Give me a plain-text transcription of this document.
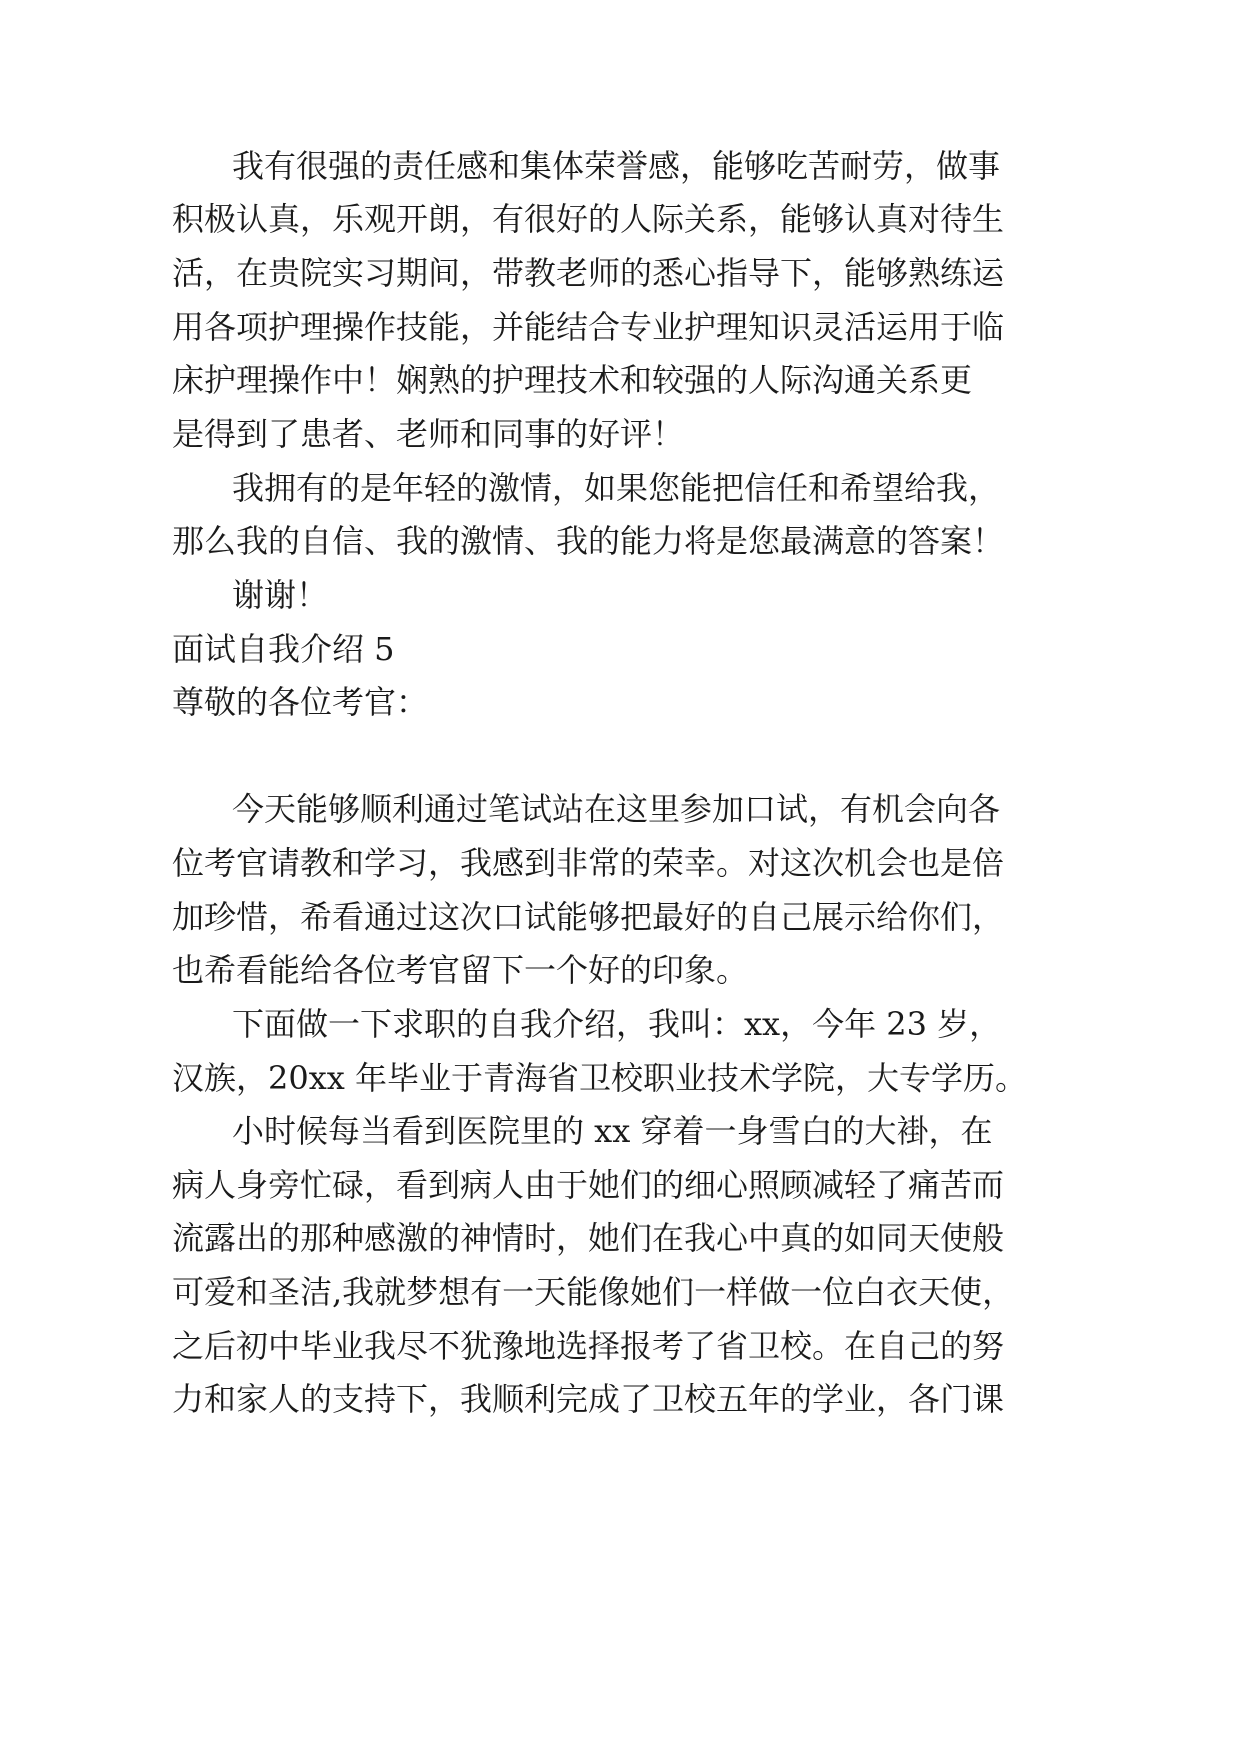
我有很强的责任感和集体荣誉感，能够吃苦耐劳，做事
积极认真，乐观开朗，有很好的人际关系，能够认真对待生
活，在贵院实习期间，带教老师的悉心指导下，能够熟练运
用各项护理操作技能，并能结合专业护理知识灵活运用于临
床护理操作中！娴熟的护理技术和较强的人际沟通关系更
是得到了患者、老师和同事的好评！
我拥有的是年轻的激情，如果您能把信任和希望给我，
那么我的自信、我的激情、我的能力将是您最满意的答案！
谢谢！
面试自我介绍 5
尊敬的各位考官：
今天能够顺利通过笔试站在这里参加口试，有机会向各
位考官请教和学习，我感到非常的荣幸。对这次机会也是倍
加珍惜，希看通过这次口试能够把最好的自己展示给你们，
也希看能给各位考官留下一个好的印象。
下面做一下求职的自我介绍，我叫：xx，今年 23 岁，
汉族，20xx 年毕业于青海省卫校职业技术学院，大专学历。
小时候每当看到医院里的 xx 穿着一身雪白的大褂，在
病人身旁忙碌，看到病人由于她们的细心照顾减轻了痛苦而
流露出的那种感激的神情时，她们在我心中真的如同天使般
可爱和圣洁,我就梦想有一天能像她们一样做一位白衣天使，
之后初中毕业我尽不犹豫地选择报考了省卫校。在自己的努
力和家人的支持下，我顺利完成了卫校五年的学业，各门课
